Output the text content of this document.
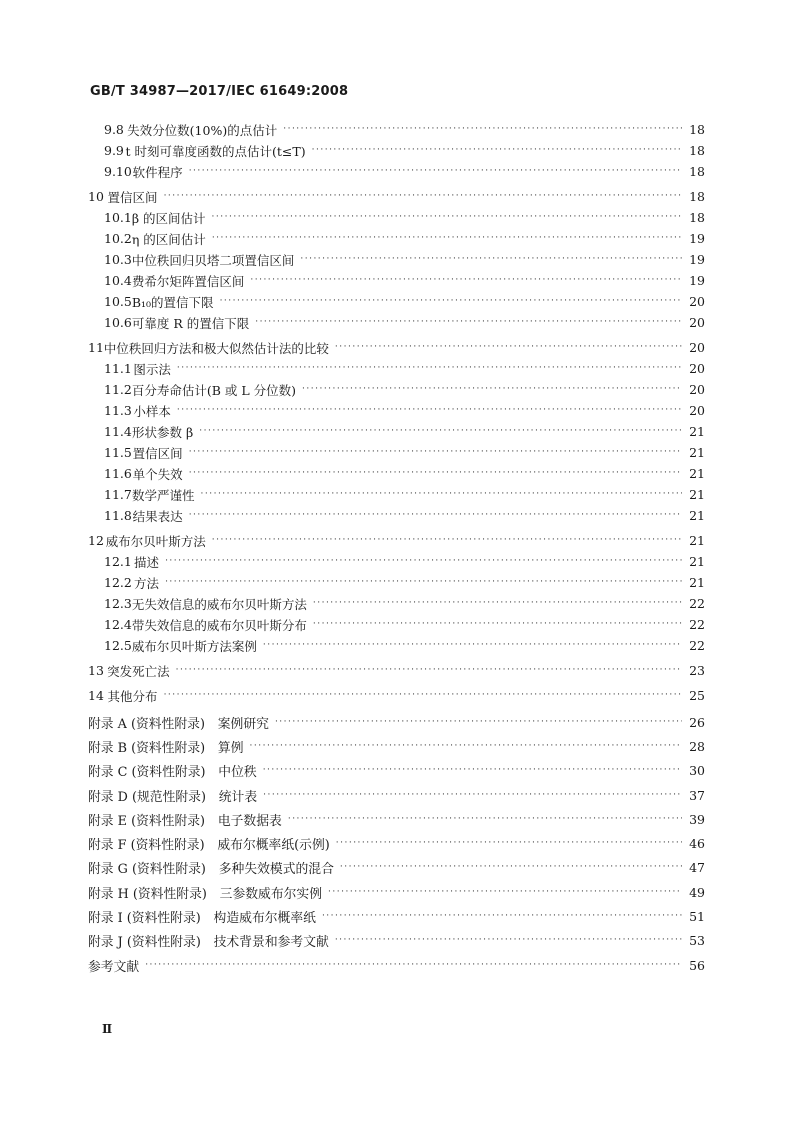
GB/T 34987—2017/IEC 61649:2008
9.8 失效分位数(10%)的点估计 ·····	18
9.9 t 时刻可靠度函数的点估计(t≤T) ·····	18
9.10 软件程序 ·····	18
10 置信区间 ·····	18
10.1 β 的区间估计 ·····	18
10.2 η 的区间估计 ·····	19
10.3 中位秩回归贝塔二项置信区间 ·····	19
10.4 费希尔矩阵置信区间 ·····	19
10.5 B₁₀的置信下限 ·····	20
10.6 可靠度 R 的置信下限 ·····	20
11 中位秩回归方法和极大似然估计法的比较 ·····	20
11.1 图示法 ·····	20
11.2 百分寿命估计(B 或 L 分位数) ·····	20
11.3 小样本 ·····	20
11.4 形状参数 β ·····	21
11.5 置信区间 ·····	21
11.6 单个失效 ·····	21
11.7 数学严谨性 ·····	21
11.8 结果表达 ·····	21
12 威布尔贝叶斯方法 ·····	21
12.1 描述 ·····	21
12.2 方法 ·····	21
12.3 无失效信息的威布尔贝叶斯方法 ·····	22
12.4 带失效信息的威布尔贝叶斯分布 ·····	22
12.5 威布尔贝叶斯方法案例 ·····	22
13 突发死亡法 ·····	23
14 其他分布 ·····	25
附录 A (资料性附录)　案例研究 ·····	26
附录 B (资料性附录)　算例 ·····	28
附录 C (资料性附录)　中位秩 ·····	30
附录 D (规范性附录)　统计表 ·····	37
附录 E (资料性附录)　电子数据表 ·····	39
附录 F (资料性附录)　威布尔概率纸(示例) ·····	46
附录 G (资料性附录)　多种失效模式的混合 ·····	47
附录 H (资料性附录)　三参数威布尔实例 ·····	49
附录 I (资料性附录)　构造威布尔概率纸 ·····	51
附录 J (资料性附录)　技术背景和参考文献 ·····	53
参考文献 ·····	56
Ⅱ
